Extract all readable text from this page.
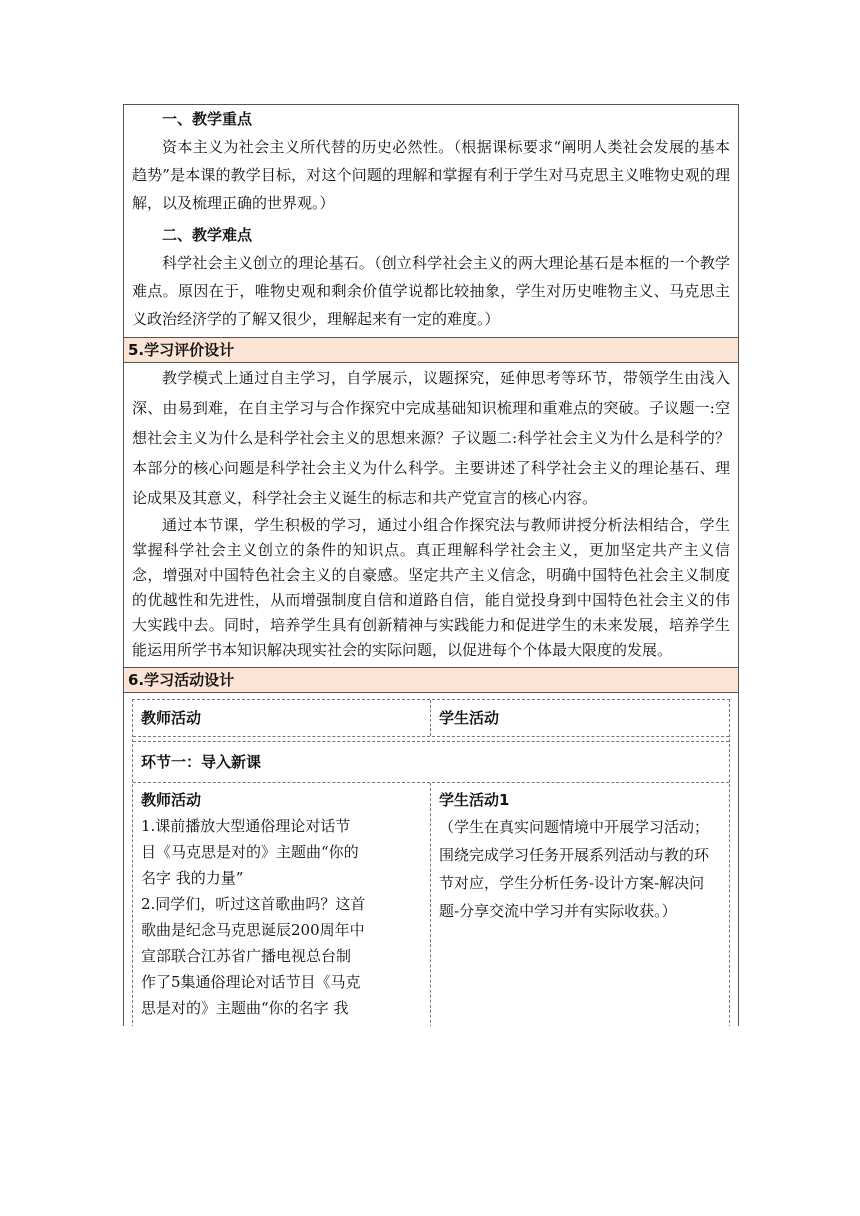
一、教学重点

资本主义为社会主义所代替的历史必然性。（根据课标要求“阐明人类社会发展的基本趋势”是本课的教学目标，对这个问题的理解和掌握有利于学生对马克思主义唯物史观的理解，以及梳理正确的世界观。）

二、教学难点

科学社会主义创立的理论基石。（创立科学社会主义的两大理论基石是本框的一个教学难点。原因在于，唯物史观和剩余价值学说都比较抽象，学生对历史唯物主义、马克思主义政治经济学的了解又很少，理解起来有一定的难度。）

5.学习评价设计

教学模式上通过自主学习，自学展示，议题探究，延伸思考等环节，带领学生由浅入深、由易到难，在自主学习与合作探究中完成基础知识梳理和重难点的突破。子议题一:空想社会主义为什么是科学社会主义的思想来源？子议题二:科学社会主义为什么是科学的？本部分的核心问题是科学社会主义为什么科学。主要讲述了科学社会主义的理论基石、理论成果及其意义，科学社会主义诞生的标志和共产党宣言的核心内容。

通过本节课，学生积极的学习，通过小组合作探究法与教师讲授分析法相结合，学生掌握科学社会主义创立的条件的知识点。真正理解科学社会主义，更加坚定共产主义信念，增强对中国特色社会主义的自豪感。坚定共产主义信念，明确中国特色社会主义制度的优越性和先进性，从而增强制度自信和道路自信，能自觉投身到中国特色社会主义的伟大实践中去。同时，培养学生具有创新精神与实践能力和促进学生的未来发展，培养学生能运用所学书本知识解决现实社会的实际问题，以促进每个个体最大限度的发展。

6.学习活动设计
教师活动	学生活动
环节一：导入新课

教师活动

1.课前播放大型通俗理论对话节

目《马克思是对的》主题曲“你的

名字 我的力量”

2.同学们，听过这首歌曲吗？这首

歌曲是纪念马克思诞辰200周年中

宣部联合江苏省广播电视总台制

作了5集通俗理论对话节目《马克

思是对的》主题曲“你的名字 我

学生活动1

（学生在真实问题情境中开展学习活动；围绕完成学习任务开展系列活动与教的环节对应，学生分析任务-设计方案-解决问题-分享交流中学习并有实际收获。）
